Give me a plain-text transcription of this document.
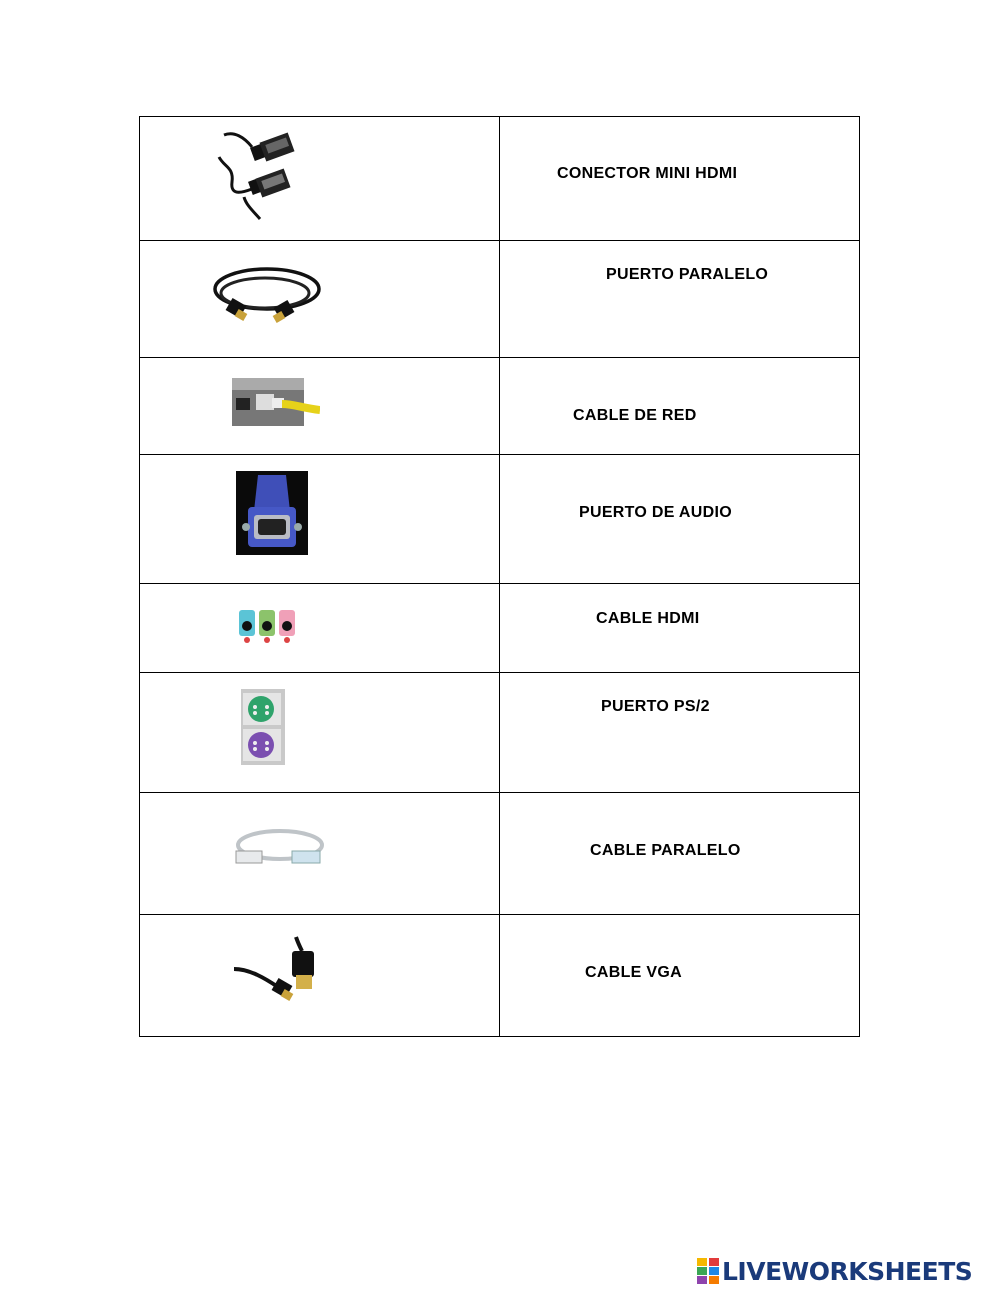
CONECTOR MINI HDMI

PUERTO PARALELO

CABLE DE RED

PUERTO DE AUDIO

CABLE HDMI

PUERTO PS/2

CABLE PARALELO

CABLE VGA
LIVEWORKSHEETS
